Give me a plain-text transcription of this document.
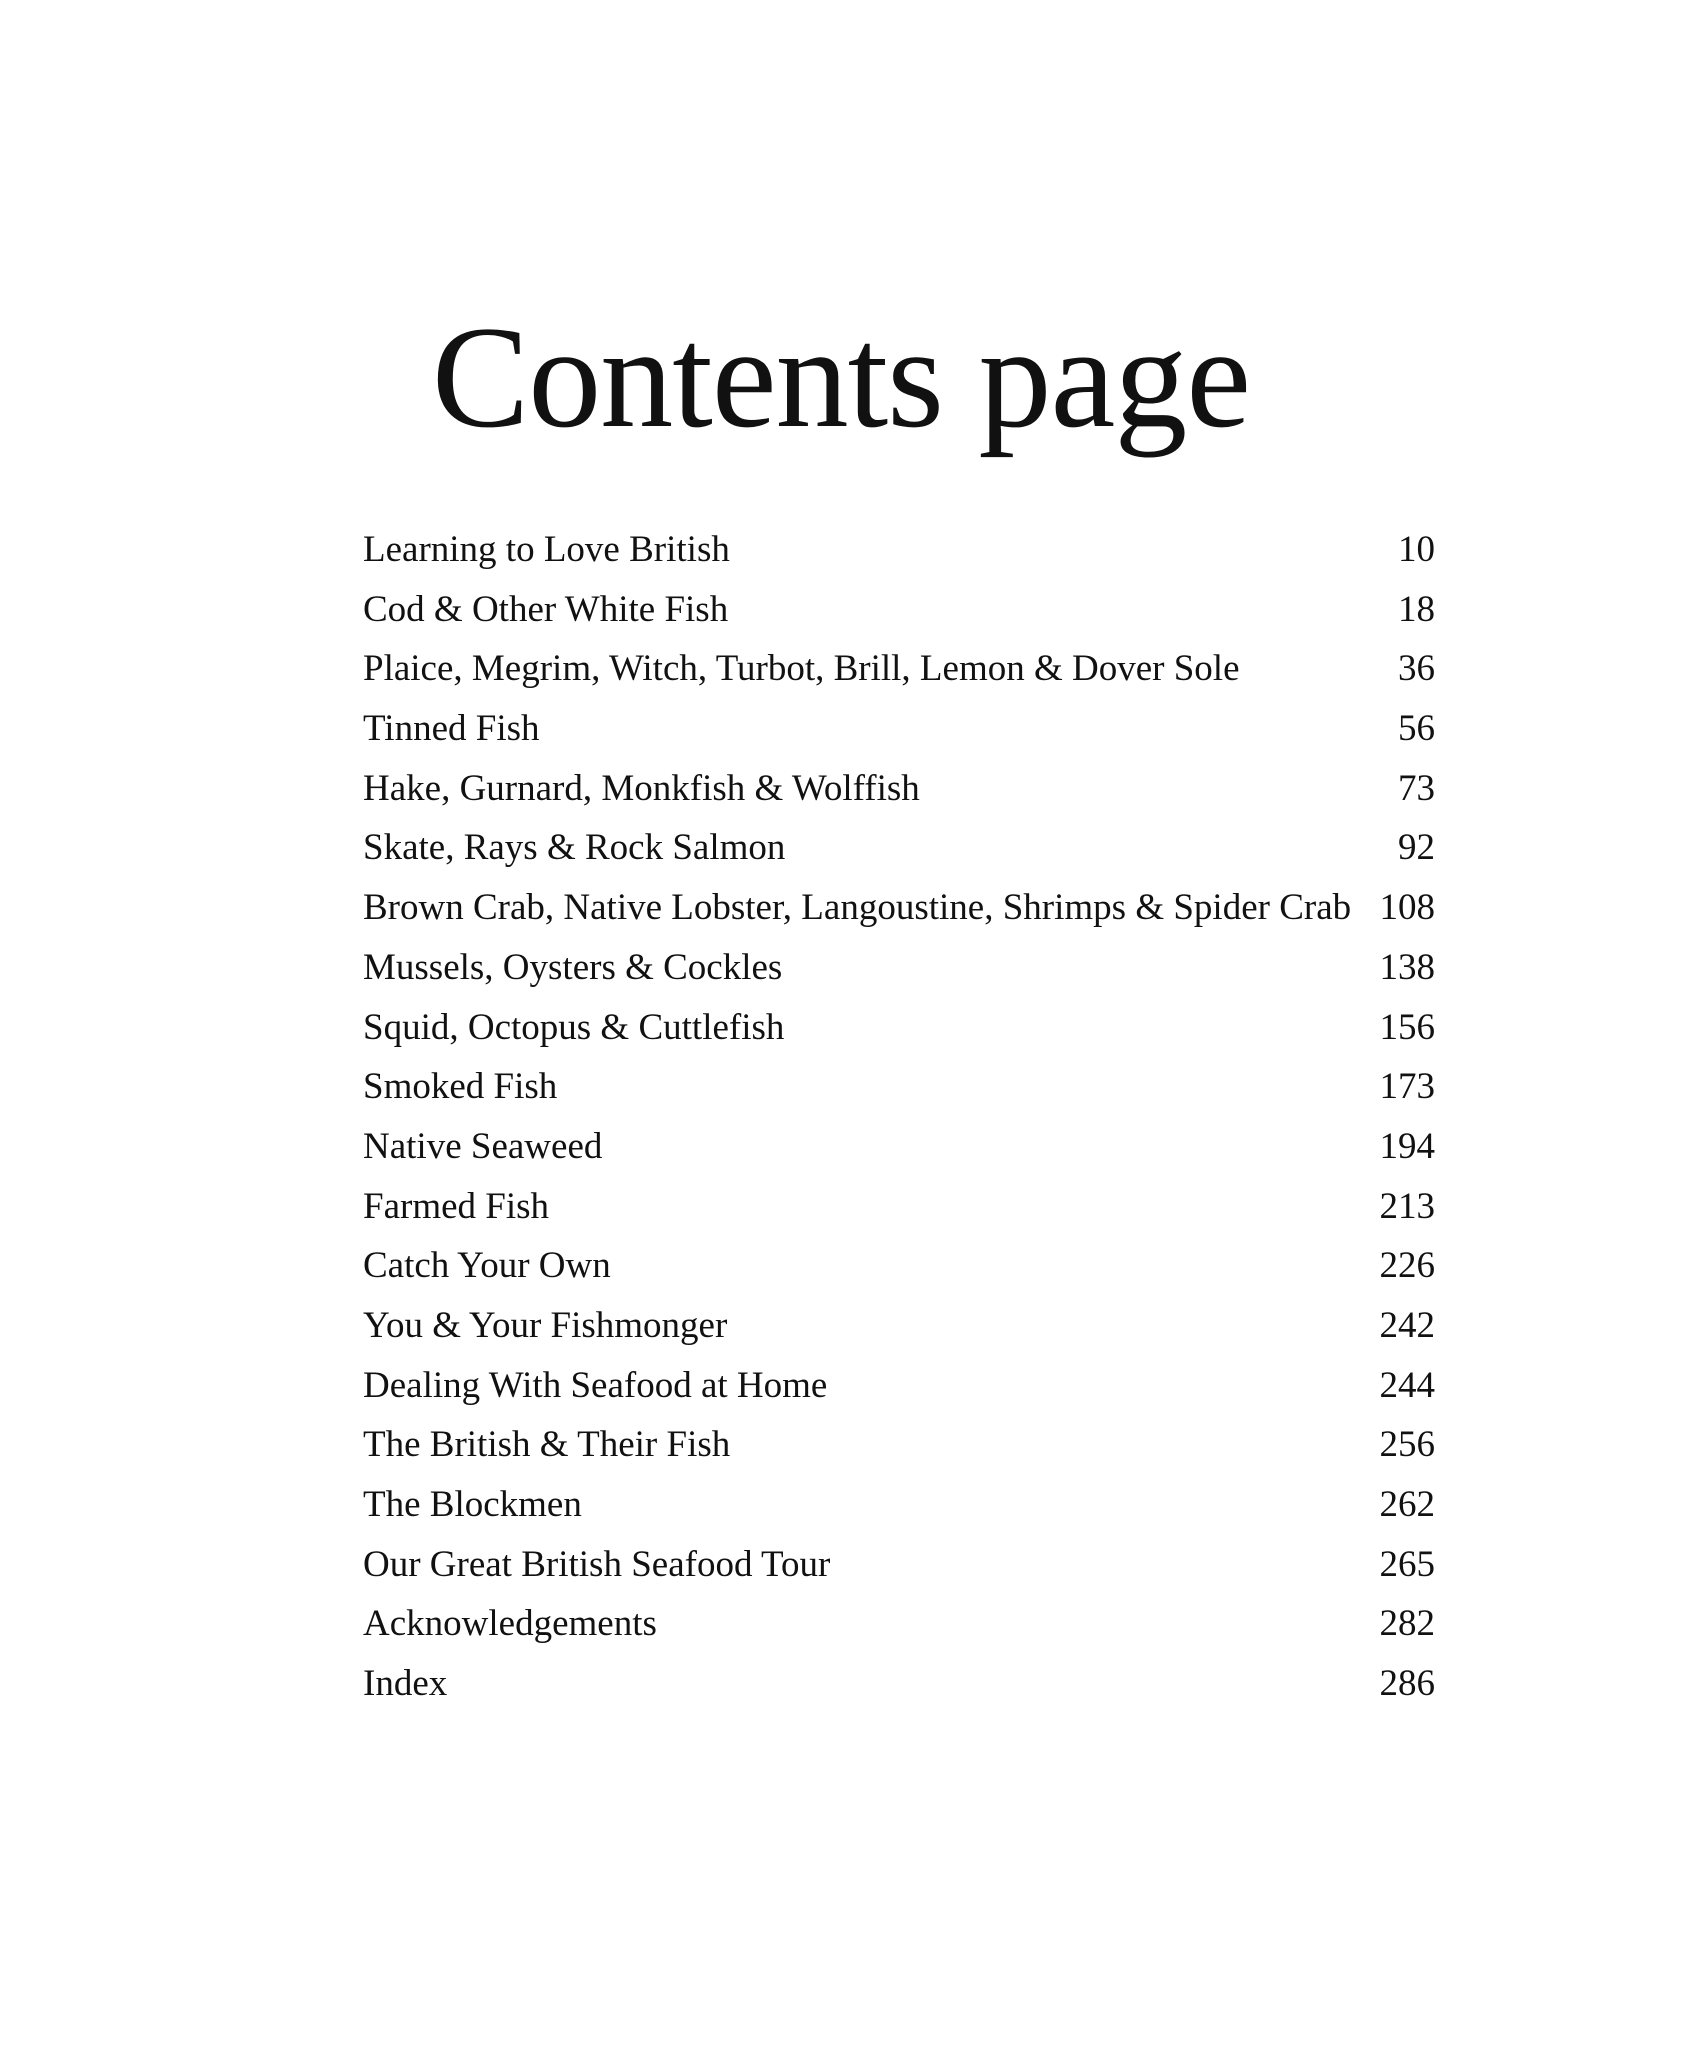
Contents page
Learning to Love British	10
Cod & Other White Fish	18
Plaice, Megrim, Witch, Turbot, Brill, Lemon & Dover Sole	36
Tinned Fish	56
Hake, Gurnard, Monkfish & Wolffish	73
Skate, Rays & Rock Salmon	92
Brown Crab, Native Lobster, Langoustine, Shrimps & Spider Crab 108
Mussels, Oysters & Cockles	138
Squid, Octopus & Cuttlefish	156
Smoked Fish	173
Native Seaweed	194
Farmed Fish	213
Catch Your Own	226
You & Your Fishmonger	242
Dealing With Seafood at Home	244
The British & Their Fish	256
The Blockmen	262
Our Great British Seafood Tour	265
Acknowledgements	282
Index	286
